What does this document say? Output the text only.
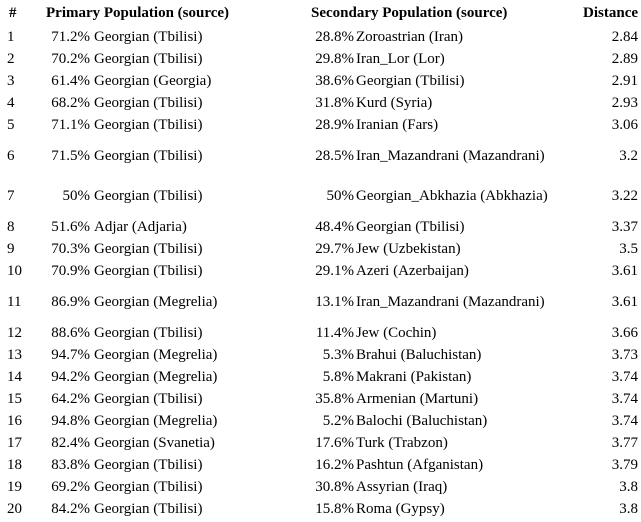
#	Primary Population (source)		Secondary Population (source)		Distance
1	71.2%	Georgian (Tbilisi)	28.8%	Zoroastrian (Iran)	2.84
2	70.2%	Georgian (Tbilisi)	29.8%	Iran_Lor (Lor)	2.89
3	61.4%	Georgian (Georgia)	38.6%	Georgian (Tbilisi)	2.91
4	68.2%	Georgian (Tbilisi)	31.8%	Kurd (Syria)	2.93
5	71.1%	Georgian (Tbilisi)	28.9%	Iranian (Fars)	3.06
6	71.5%	Georgian (Tbilisi)	28.5%	Iran_Mazandrani (Mazandrani)	3.2
7	50%	Georgian (Tbilisi)	50%	Georgian_Abkhazia (Abkhazia)	3.22
8	51.6%	Adjar (Adjaria)	48.4%	Georgian (Tbilisi)	3.37
9	70.3%	Georgian (Tbilisi)	29.7%	Jew (Uzbekistan)	3.5
10	70.9%	Georgian (Tbilisi)	29.1%	Azeri (Azerbaijan)	3.61
11	86.9%	Georgian (Megrelia)	13.1%	Iran_Mazandrani (Mazandrani)	3.61
12	88.6%	Georgian (Tbilisi)	11.4%	Jew (Cochin)	3.66
13	94.7%	Georgian (Megrelia)	5.3%	Brahui (Baluchistan)	3.73
14	94.2%	Georgian (Megrelia)	5.8%	Makrani (Pakistan)	3.74
15	64.2%	Georgian (Tbilisi)	35.8%	Armenian (Martuni)	3.74
16	94.8%	Georgian (Megrelia)	5.2%	Balochi (Baluchistan)	3.74
17	82.4%	Georgian (Svanetia)	17.6%	Turk (Trabzon)	3.77
18	83.8%	Georgian (Tbilisi)	16.2%	Pashtun (Afganistan)	3.79
19	69.2%	Georgian (Tbilisi)	30.8%	Assyrian (Iraq)	3.8
20	84.2%	Georgian (Tbilisi)	15.8%	Roma (Gypsy)	3.8
